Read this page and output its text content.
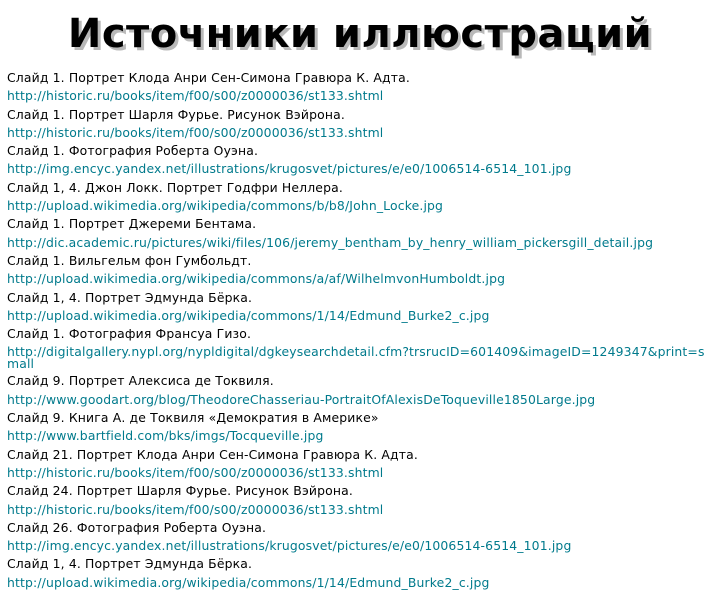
Источники иллюстраций
Слайд 1. Портрет Клода Анри Сен-Симона Гравюра К. Адта.
http://historic.ru/books/item/f00/s00/z0000036/st133.shtml
Слайд 1. Портрет Шарля Фурье. Рисунок Вэйрона.
http://historic.ru/books/item/f00/s00/z0000036/st133.shtml
Слайд 1. Фотография Роберта Оуэна.
http://img.encyc.yandex.net/illustrations/krugosvet/pictures/e/e0/1006514-6514_101.jpg
Слайд 1, 4. Джон Локк. Портрет Годфри Неллера.
http://upload.wikimedia.org/wikipedia/commons/b/b8/John_Locke.jpg
Слайд 1. Портрет Джереми Бентама.
http://dic.academic.ru/pictures/wiki/files/106/jeremy_bentham_by_henry_william_pickersgill_detail.jpg
Слайд 1. Вильгельм фон Гумбольдт.
http://upload.wikimedia.org/wikipedia/commons/a/af/WilhelmvonHumboldt.jpg
Слайд 1, 4. Портрет Эдмунда Бёрка.
http://upload.wikimedia.org/wikipedia/commons/1/14/Edmund_Burke2_c.jpg
Слайд 1. Фотография Франсуа Гизо.
http://digitalgallery.nypl.org/nypldigital/dgkeysearchdetail.cfm?trsrucID=601409&imageID=1249347&print=small
Слайд 9. Портрет Алексиса де Токвиля.
http://www.goodart.org/blog/TheodoreChasseriau-PortraitOfAlexisDeToqueville1850Large.jpg
Слайд 9. Книга А. де Токвиля «Демократия в Америке»
http://www.bartfield.com/bks/imgs/Tocqueville.jpg
Слайд 21. Портрет Клода Анри Сен-Симона Гравюра К. Адта.
http://historic.ru/books/item/f00/s00/z0000036/st133.shtml
Слайд 24. Портрет Шарля Фурье. Рисунок Вэйрона.
http://historic.ru/books/item/f00/s00/z0000036/st133.shtml
Слайд 26. Фотография Роберта Оуэна.
http://img.encyc.yandex.net/illustrations/krugosvet/pictures/e/e0/1006514-6514_101.jpg
Слайд 1, 4. Портрет Эдмунда Бёрка.
http://upload.wikimedia.org/wikipedia/commons/1/14/Edmund_Burke2_c.jpg
